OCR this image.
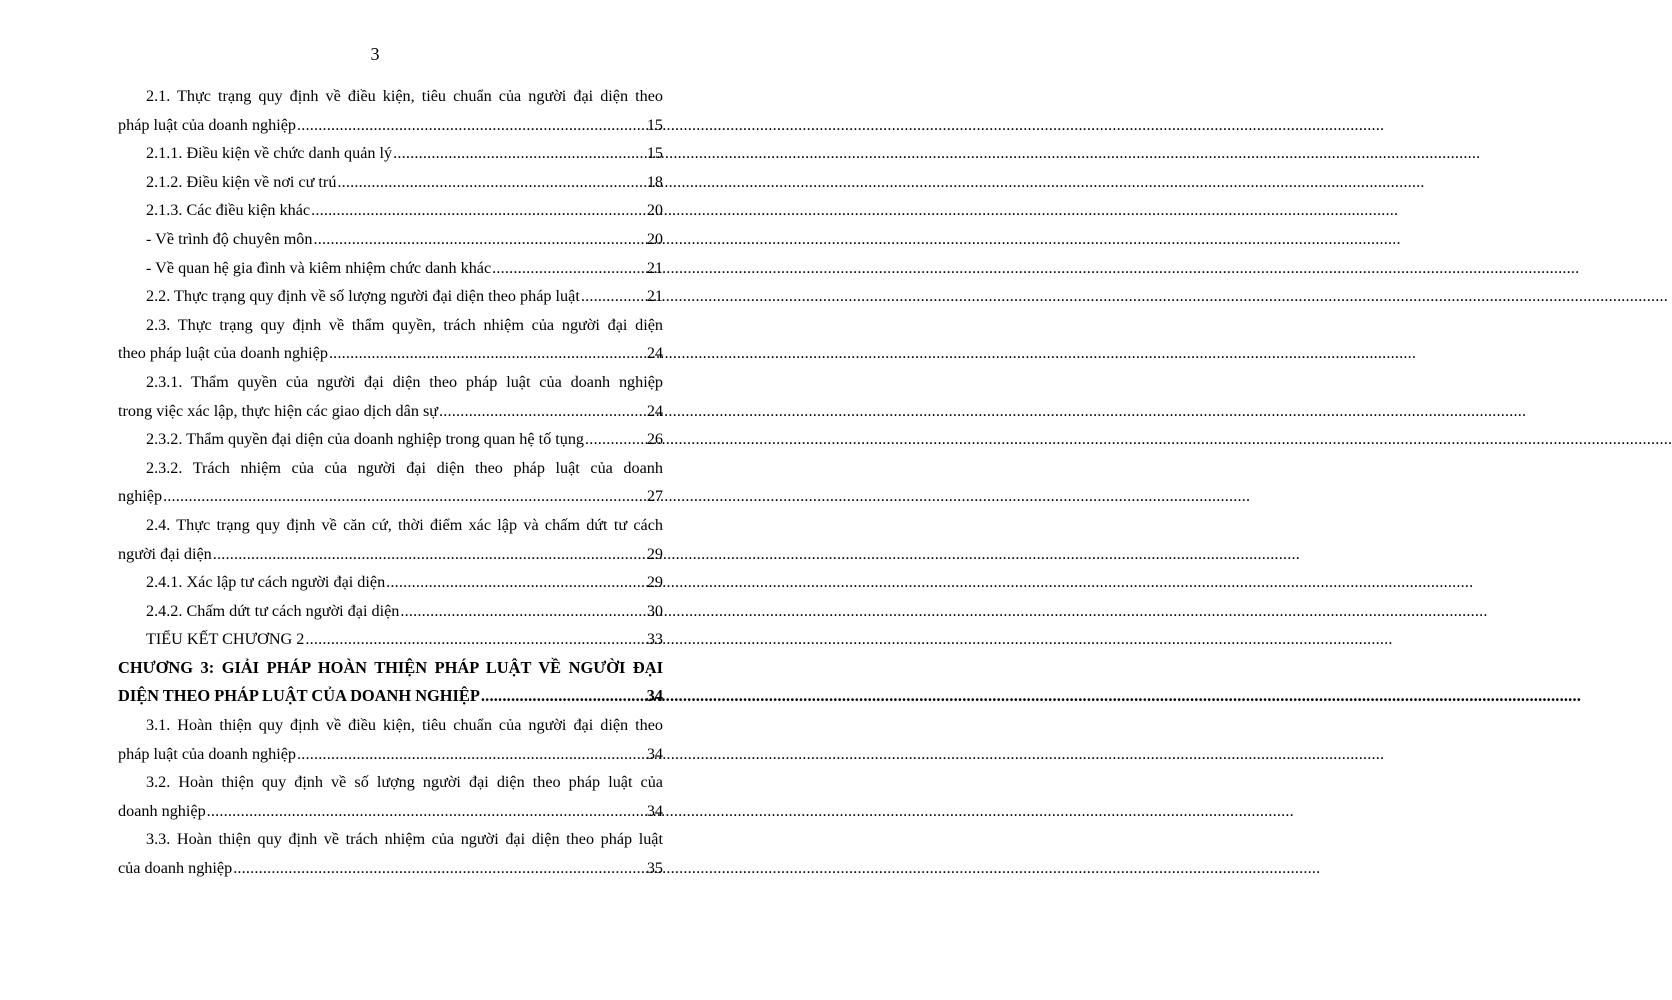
3
2.1. Thực trạng quy định về điều kiện, tiêu chuẩn của người đại diện theo
pháp luật của doanh nghiệp .....	15
2.1.1. Điều kiện về chức danh quản lý .....	15
2.1.2. Điều kiện về nơi cư trú .....	18
2.1.3. Các điều kiện khác .....	20
- Về trình độ chuyên môn .....	20
- Về quan hệ gia đình và kiêm nhiệm chức danh khác .....	21
2.2. Thực trạng quy định về số lượng người đại diện theo pháp luật .....	21
2.3. Thực trạng quy định về thẩm quyền, trách nhiệm của người đại diện
theo pháp luật của doanh nghiệp .....	24
2.3.1. Thẩm quyền của người đại diện theo pháp luật của doanh nghiệp
trong việc xác lập, thực hiện các giao dịch dân sự .....	24
2.3.2. Thẩm quyền đại diện của doanh nghiệp trong quan hệ tố tụng .....	26
2.3.2. Trách nhiệm của của người đại diện theo pháp luật của doanh
nghiệp .....	27
2.4. Thực trạng quy định về căn cứ, thời điểm xác lập và chấm dứt tư cách
người đại diện .....	29
2.4.1. Xác lập tư cách người đại diện .....	29
2.4.2. Chấm dứt tư cách người đại diện .....	30
TIỂU KẾT CHƯƠNG 2 .....	33
CHƯƠNG 3: GIẢI PHÁP HOÀN THIỆN PHÁP LUẬT VỀ NGƯỜI ĐẠI
DIỆN THEO PHÁP LUẬT CỦA DOANH NGHIỆP .....	34
3.1. Hoàn thiện quy định về điều kiện, tiêu chuẩn của người đại diện theo
pháp luật của doanh nghiệp .....	34
3.2. Hoàn thiện quy định về số lượng người đại diện theo pháp luật của
doanh nghiệp .....	34
3.3. Hoàn thiện quy định về trách nhiệm của người đại diện theo pháp luật
của doanh nghiệp .....	35
